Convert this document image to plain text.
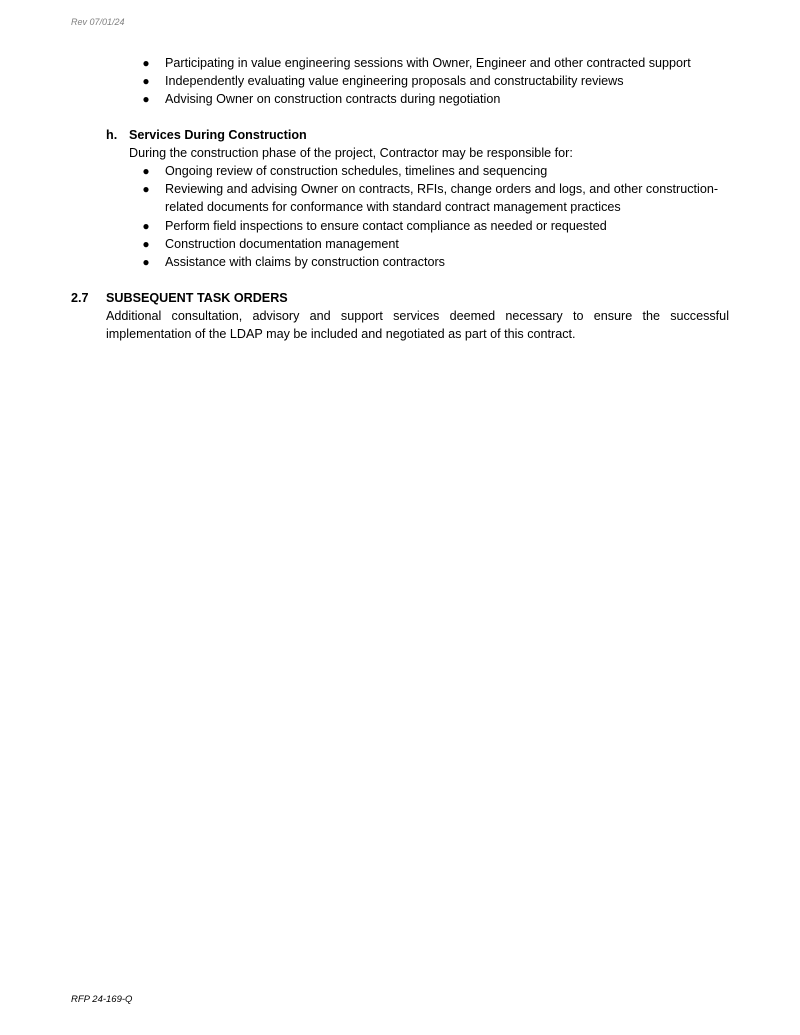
Rev 07/01/24
● Participating in value engineering sessions with Owner, Engineer and other contracted support
● Independently evaluating value engineering proposals and constructability reviews
● Advising Owner on construction contracts during negotiation
h. Services During Construction
During the construction phase of the project, Contractor may be responsible for:
● Ongoing review of construction schedules, timelines and sequencing
● Reviewing and advising Owner on contracts, RFIs, change orders and logs, and other construction-related documents for conformance with standard contract management practices
● Perform field inspections to ensure contact compliance as needed or requested
● Construction documentation management
● Assistance with claims by construction contractors
2.7 SUBSEQUENT TASK ORDERS
Additional consultation, advisory and support services deemed necessary to ensure the successful implementation of the LDAP may be included and negotiated as part of this contract.
RFP 24-169-Q
